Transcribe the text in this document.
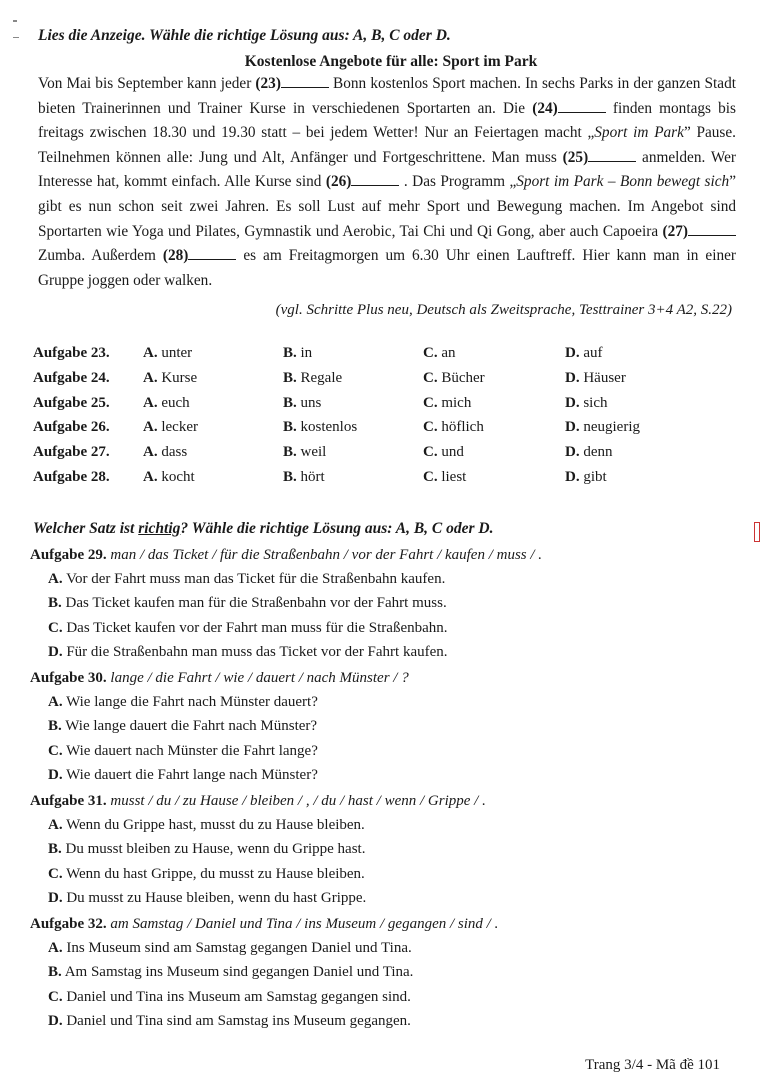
Lies die Anzeige. Wähle die richtige Lösung aus: A, B, C oder D.
Kostenlose Angebote für alle: Sport im Park
Von Mai bis September kann jeder (23)	Bonn kostenlos Sport machen. In sechs Parks in der ganzen Stadt bieten Trainerinnen und Trainer Kurse in verschiedenen Sportarten an. Die (24)	finden montags bis freitags zwischen 18.30 und 19.30 statt – bei jedem Wetter! Nur an Feiertagen macht „Sport im Park” Pause. Teilnehmen können alle: Jung und Alt, Anfänger und Fortgeschrittene. Man muss (25)	anmelden. Wer Interesse hat, kommt einfach. Alle Kurse sind (26)	. Das Programm „Sport im Park – Bonn bewegt sich” gibt es nun schon seit zwei Jahren. Es soll Lust auf mehr Sport und Bewegung machen. Im Angebot sind Sportarten wie Yoga und Pilates, Gymnastik und Aerobic, Tai Chi und Qi Gong, aber auch Capoeira (27) Zumba. Außerdem (28)	es am Freitagmorgen um 6.30 Uhr einen Lauftreff. Hier kann man in einer Gruppe joggen oder walken.
(vgl. Schritte Plus neu, Deutsch als Zweitsprache, Testtrainer 3+4 A2, S.22)
Aufgabe 23. A. unter	B. in	C. an	D. auf
Aufgabe 24. A. Kurse	B. Regale	C. Bücher	D. Häuser
Aufgabe 25. A. euch	B. uns	C. mich	D. sich
Aufgabe 26. A. lecker	B. kostenlos	C. höflich	D. neugierig
Aufgabe 27. A. dass	B. weil	C. und	D. denn
Aufgabe 28. A. kocht	B. hört	C. liest	D. gibt
Welcher Satz ist richtig? Wähle die richtige Lösung aus: A, B, C oder D.
Aufgabe 29. man / das Ticket / für die Straßenbahn / vor der Fahrt / kaufen / muss / .
A. Vor der Fahrt muss man das Ticket für die Straßenbahn kaufen.
B. Das Ticket kaufen man für die Straßenbahn vor der Fahrt muss.
C. Das Ticket kaufen vor der Fahrt man muss für die Straßenbahn.
D. Für die Straßenbahn man muss das Ticket vor der Fahrt kaufen.
Aufgabe 30. lange / die Fahrt / wie / dauert / nach Münster / ?
A. Wie lange die Fahrt nach Münster dauert?
B. Wie lange dauert die Fahrt nach Münster?
C. Wie dauert nach Münster die Fahrt lange?
D. Wie dauert die Fahrt lange nach Münster?
Aufgabe 31. musst / du / zu Hause / bleiben / , / du / hast / wenn / Grippe / .
A. Wenn du Grippe hast, musst du zu Hause bleiben.
B. Du musst bleiben zu Hause, wenn du Grippe hast.
C. Wenn du hast Grippe, du musst zu Hause bleiben.
D. Du musst zu Hause bleiben, wenn du hast Grippe.
Aufgabe 32. am Samstag / Daniel und Tina / ins Museum / gegangen / sind / .
A. Ins Museum sind am Samstag gegangen Daniel und Tina.
B. Am Samstag ins Museum sind gegangen Daniel und Tina.
C. Daniel und Tina ins Museum am Samstag gegangen sind.
D. Daniel und Tina sind am Samstag ins Museum gegangen.
Trang 3/4 - Mã đề 101
